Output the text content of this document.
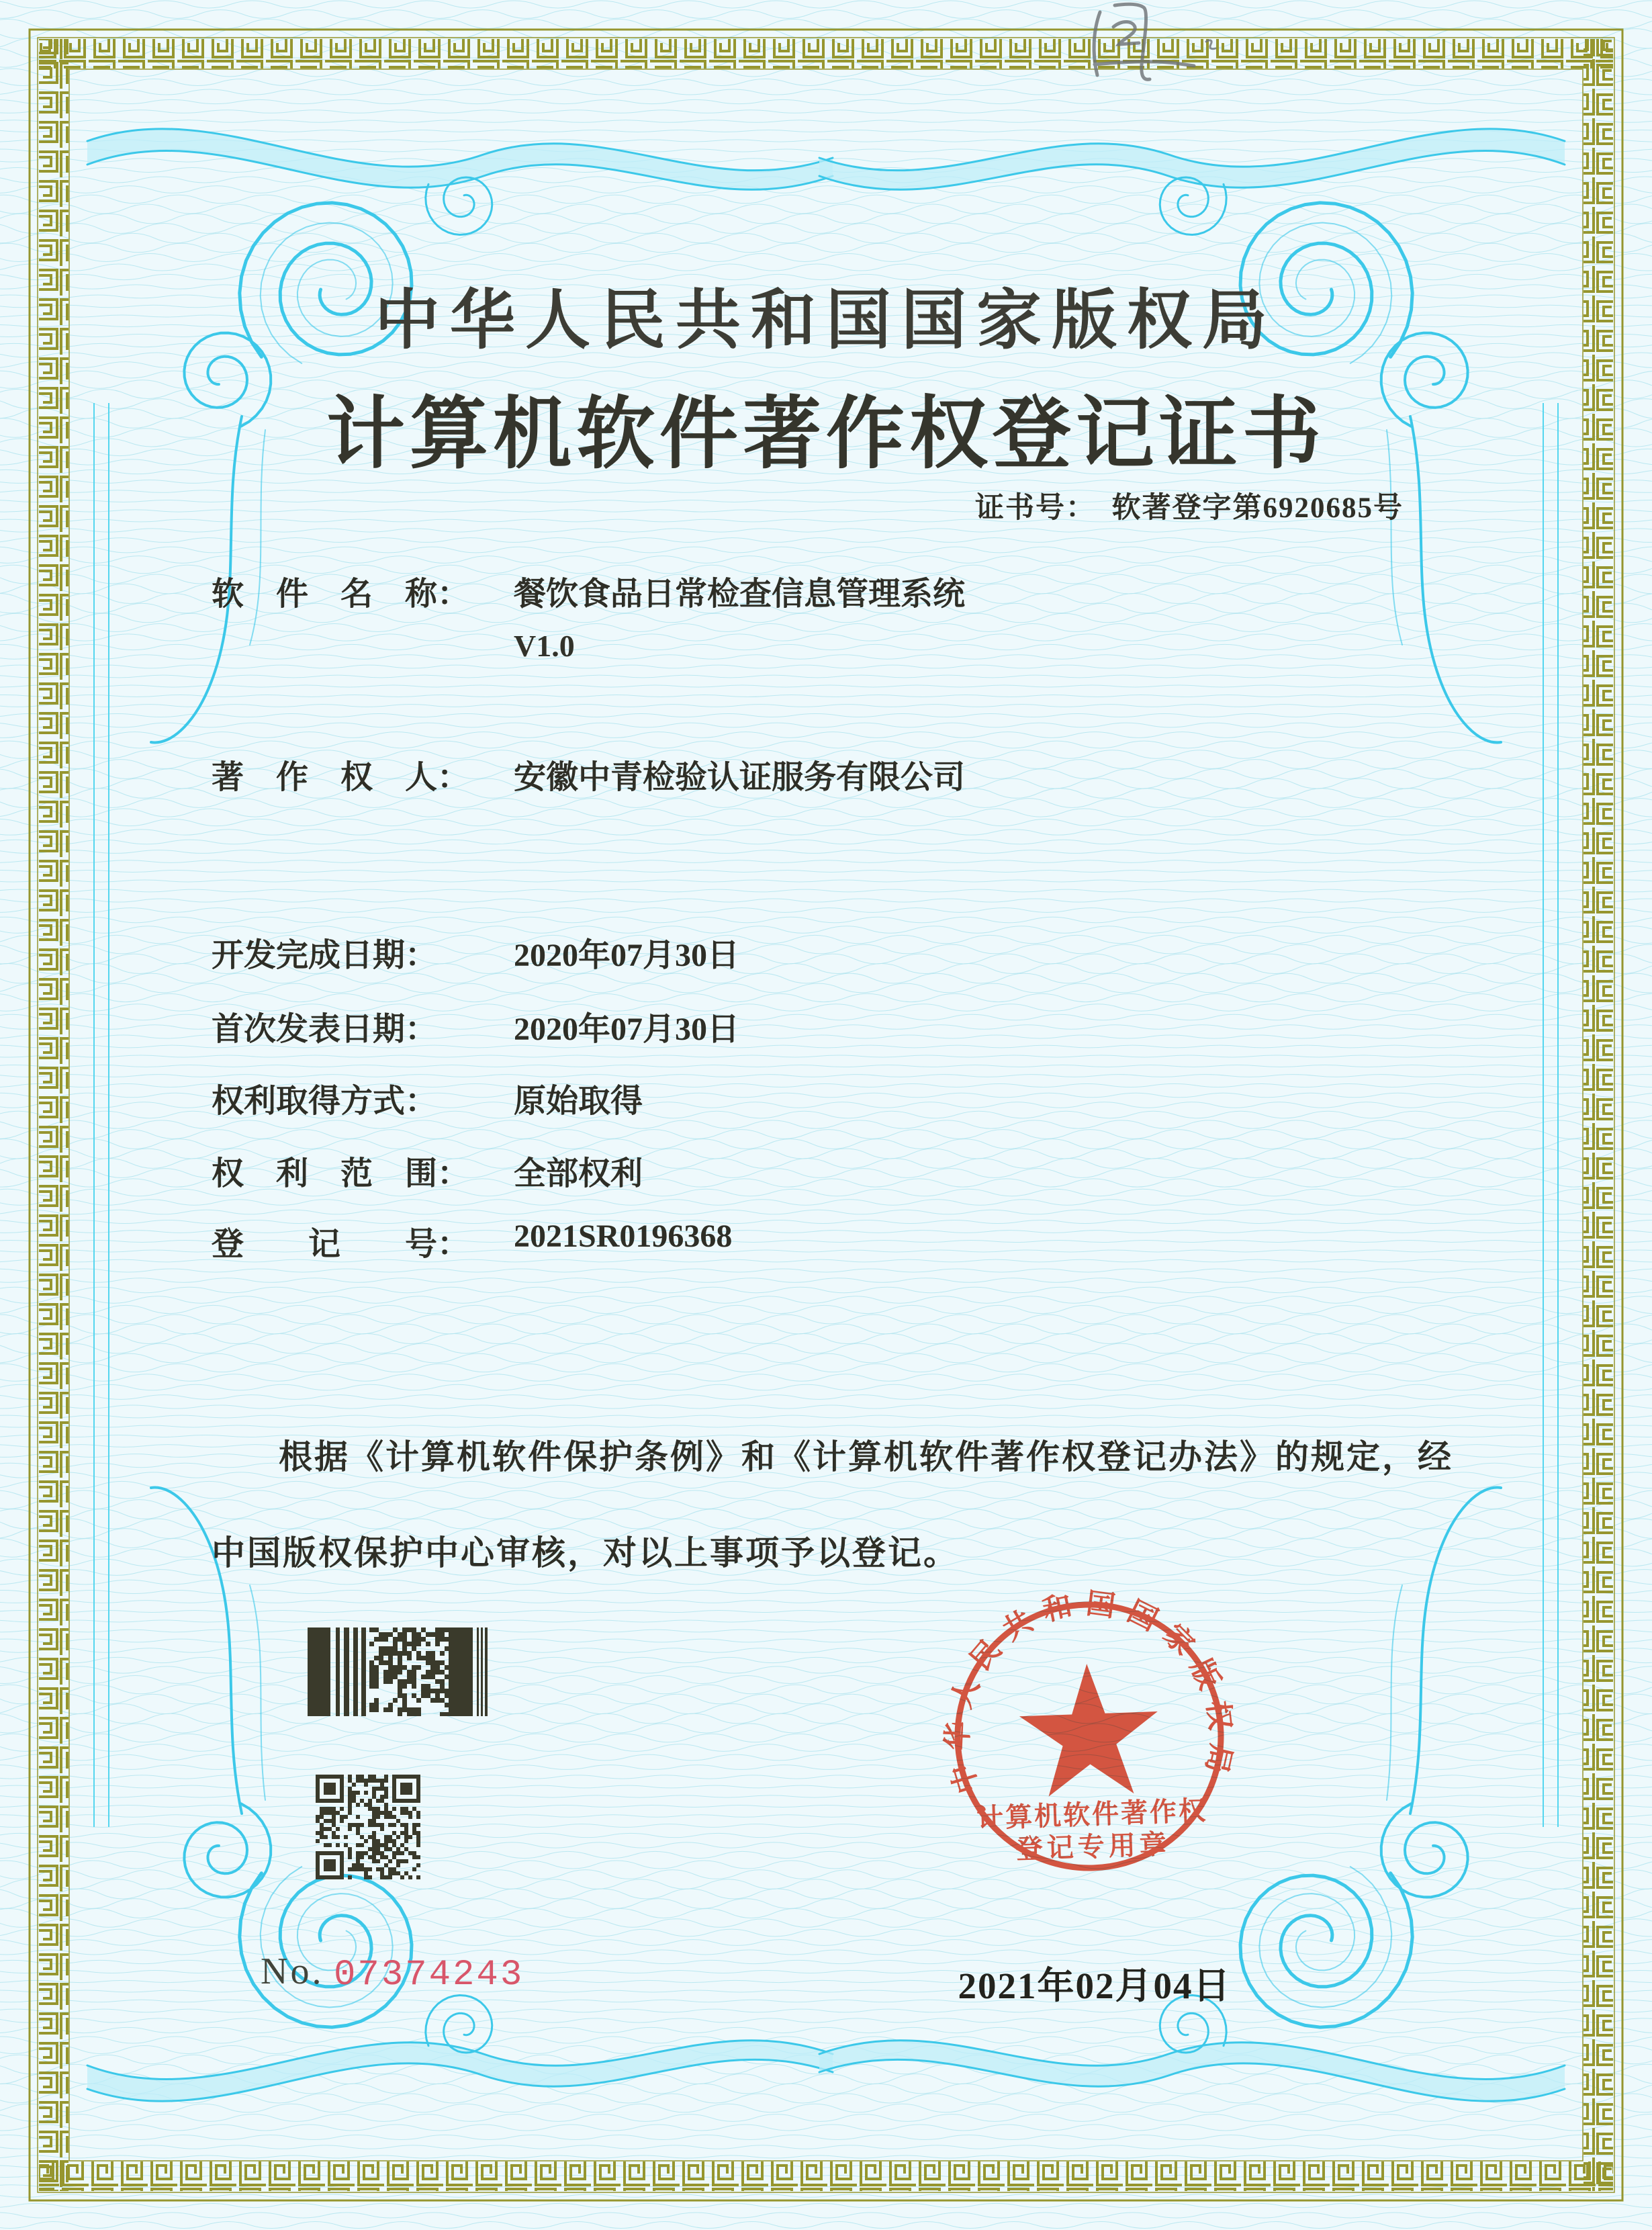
中华人民共和国国家版权局
计算机软件著作权登记证书
证书号：　软著登字第6920685号
软　件　名　称： 餐饮食品日常检查信息管理系统
V1.0
著　作　权　人： 安徽中青检验认证服务有限公司
开发完成日期：	2020年07月30日
首次发表日期：	2020年07月30日
权利取得方式：	原始取得
权　利　范　围： 全部权利
登　　记　　号： 2021SR0196368
根据《计算机软件保护条例》和《计算机软件著作权登记办法》的规定，经中国版权保护中心审核，对以上事项予以登记。
中华人民共和国国家版权局
计算机软件著作权
登记专用章
No. 07374243	2021年02月04日
